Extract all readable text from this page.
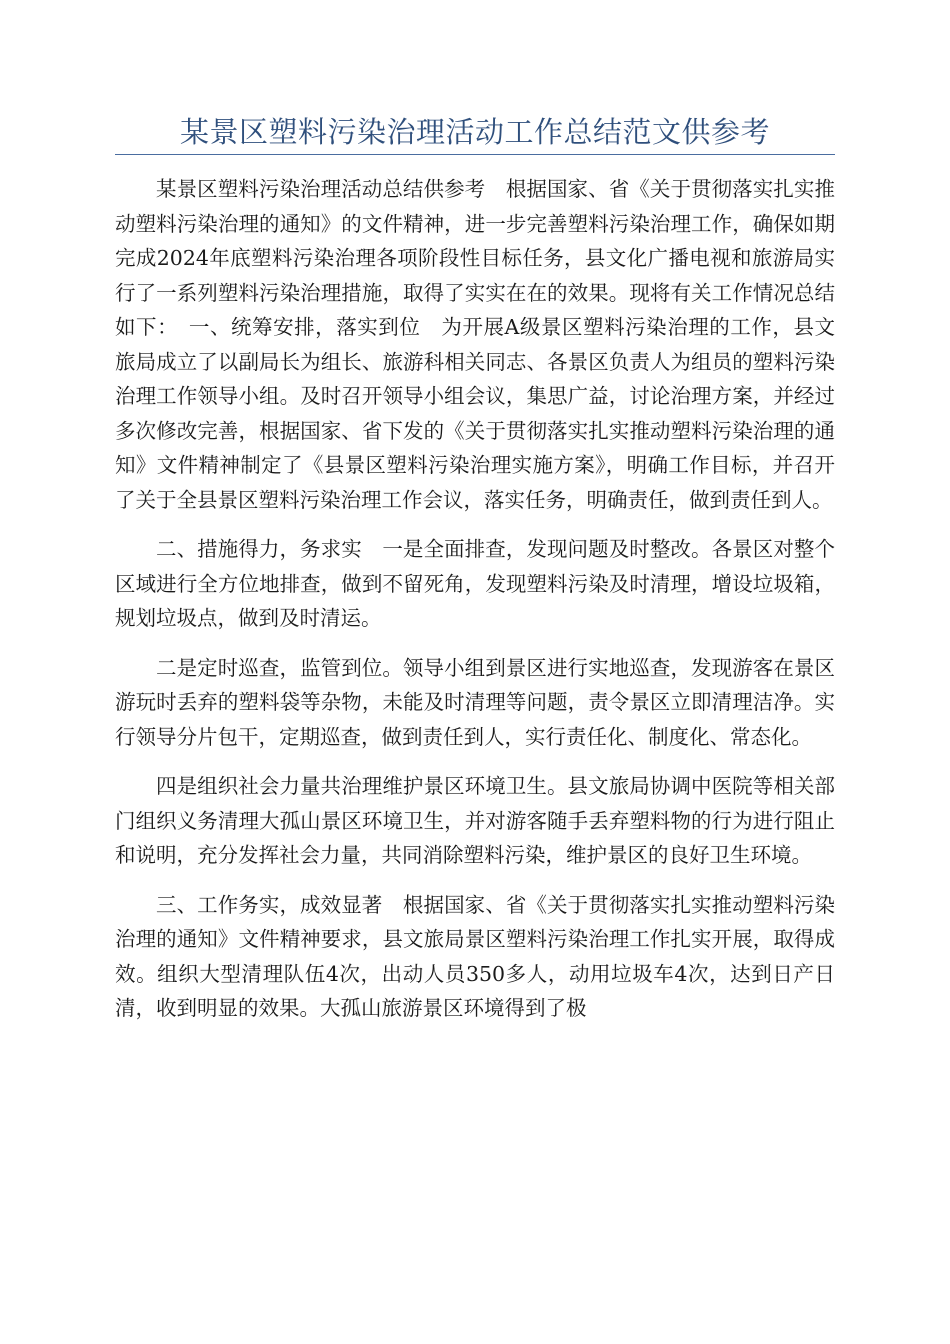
某景区塑料污染治理活动工作总结范文供参考

某景区塑料污染治理活动总结供参考　根据国家、省《关于贯彻落实扎实推动塑料污染治理的通知》的文件精神，进一步完善塑料污染治理工作，确保如期完成2024年底塑料污染治理各项阶段性目标任务，县文化广播电视和旅游局实行了一系列塑料污染治理措施，取得了实实在在的效果。现将有关工作情况总结如下：　一、统筹安排，落实到位　为开展A级景区塑料污染治理的工作，县文旅局成立了以副局长为组长、旅游科相关同志、各景区负责人为组员的塑料污染治理工作领导小组。及时召开领导小组会议，集思广益，讨论治理方案，并经过多次修改完善，根据国家、省下发的《关于贯彻落实扎实推动塑料污染治理的通知》文件精神制定了《县景区塑料污染治理实施方案》，明确工作目标，并召开了关于全县景区塑料污染治理工作会议，落实任务，明确责任，做到责任到人。

二、措施得力，务求实　一是全面排查，发现问题及时整改。各景区对整个区域进行全方位地排查，做到不留死角，发现塑料污染及时清理，增设垃圾箱，规划垃圾点，做到及时清运。

二是定时巡查，监管到位。领导小组到景区进行实地巡查，发现游客在景区游玩时丢弃的塑料袋等杂物，未能及时清理等问题，责令景区立即清理洁净。实行领导分片包干，定期巡查，做到责任到人，实行责任化、制度化、常态化。

四是组织社会力量共治理维护景区环境卫生。县文旅局协调中医院等相关部门组织义务清理大孤山景区环境卫生，并对游客随手丢弃塑料物的行为进行阻止和说明，充分发挥社会力量，共同消除塑料污染，维护景区的良好卫生环境。

三、工作务实，成效显著　根据国家、省《关于贯彻落实扎实推动塑料污染治理的通知》文件精神要求，县文旅局景区塑料污染治理工作扎实开展，取得成效。组织大型清理队伍4次，出动人员350多人，动用垃圾车4次，达到日产日清，收到明显的效果。大孤山旅游景区环境得到了极
